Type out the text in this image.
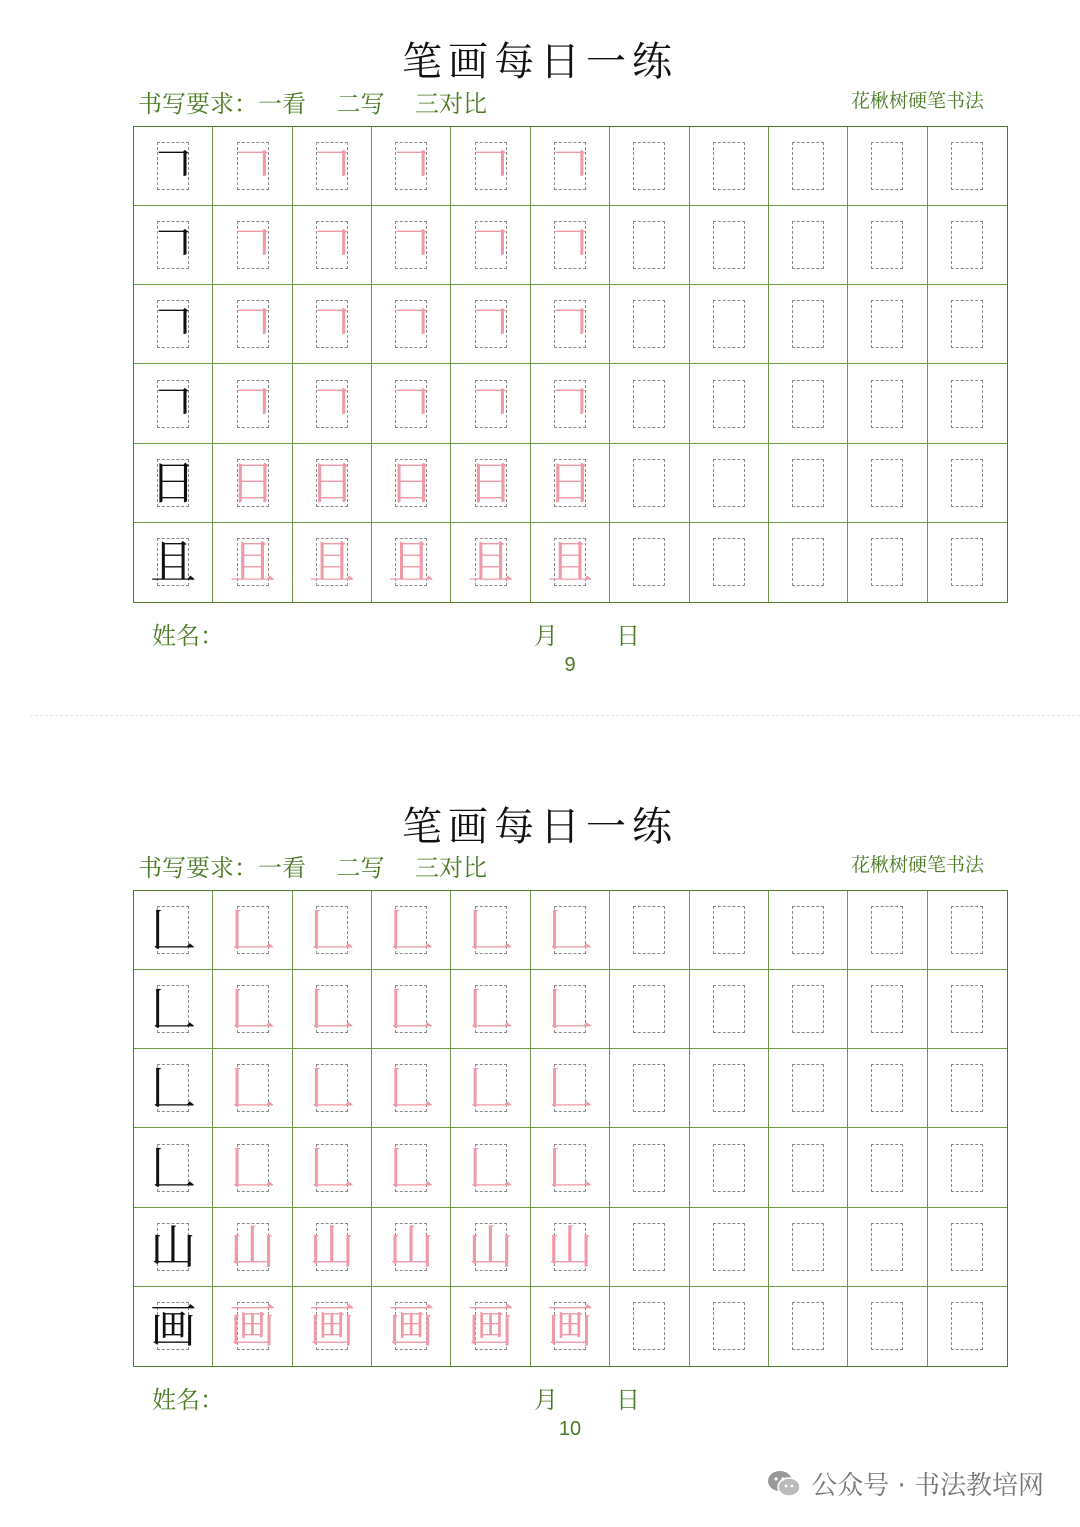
笔画每日一练
书写要求：一看    二写    三对比	花楸树硬笔书法
𠃍 𠃍 𠃍 𠃍 𠃍 𠃍
𠃍 𠃍 𠃍 𠃍 𠃍 𠃍
𠃍 𠃍 𠃍 𠃍 𠃍 𠃍
𠃍 𠃍 𠃍 𠃍 𠃍 𠃍
日 日 日 日 日 日
且 且 且 且 且 且
姓名：	月 日
9
笔画每日一练
书写要求：一看    二写    三对比	花楸树硬笔书法
𠃊 𠃊 𠃊 𠃊 𠃊 𠃊
𠃊 𠃊 𠃊 𠃊 𠃊 𠃊
𠃊 𠃊 𠃊 𠃊 𠃊 𠃊
𠃊 𠃊 𠃊 𠃊 𠃊 𠃊
山 山 山 山 山 山
画 画 画 画 画 画
姓名：	月 日
10
公众号 · 书法教培网
